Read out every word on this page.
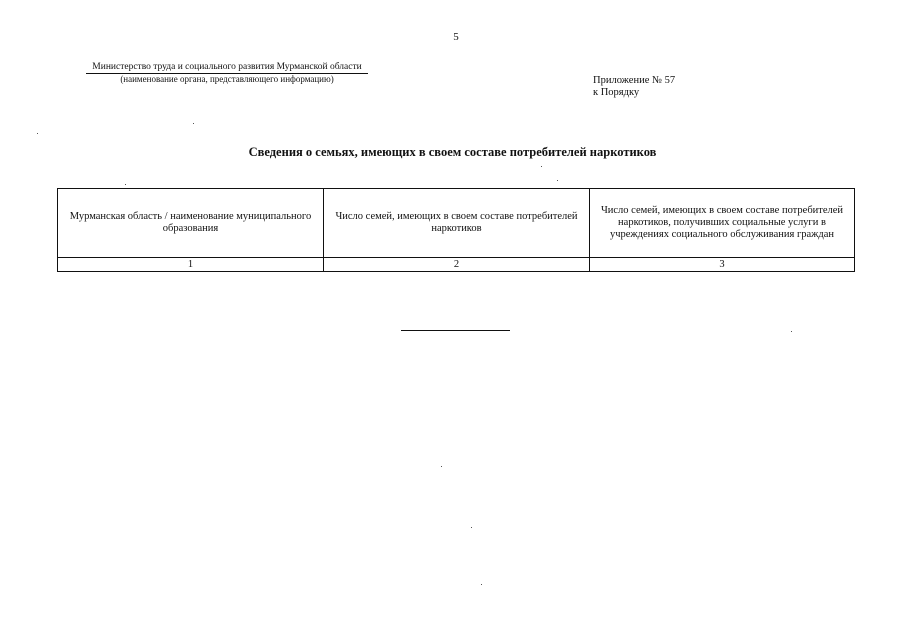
5
Министерство труда и социального развития Мурманской области
(наименование органа, представляющего информацию)	Приложение № 57
к Порядку
Сведения о семьях, имеющих в своем составе потребителей наркотиков
Мурманская область / наименование муниципального образования	Число семей, имеющих в своем составе потребителей наркотиков	Число семей, имеющих в своем составе потребителей наркотиков, получивших социальные услуги в учреждениях социального обслуживания граждан

1	2	3
